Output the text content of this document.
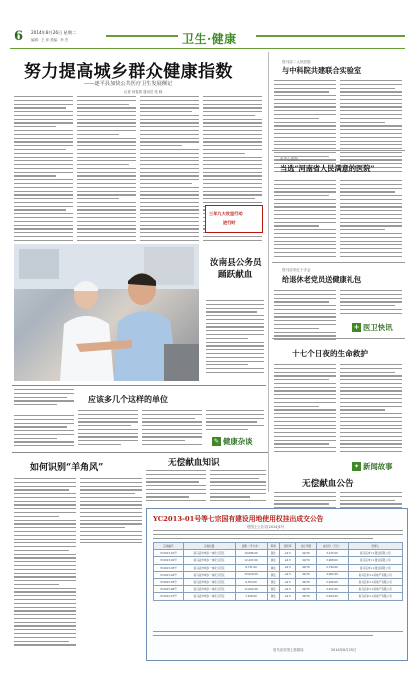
6 2014年8月26日 星期二
编辑：王 沛 美编：李 杰	卫生·健康
努力提高城乡群众健康指数
——逐平县加快公共医疗卫生发展侧记
记者 何春燕 通讯员 张 晓
三年九大攻坚行动
进行时
汝南县公务员
踊跃献血
驻马店二人民医院
与中科院共建联合实验室
市中心医院
当选“河南省人民满意的医院”
驻马店市红十字会
给退休老党员送健康礼包
+ 医卫快讯
十七个日夜的生命救护
✦ 新闻故事
应该多几个这样的单位
✎ 健康杂谈
如何识别“羊角风”	无偿献血知识
无偿献血公告
YC2013-01号等七宗国有建设用地使用权挂出成交公告
驻国土公告字[2014]1号
宗地编号	宗地位置	面积（平方米）	用途	容积率	出让年限	成交价（万元）	竞得人
YC2013-01号	驻马店市城乡一体化示范区	10,086.00	商住	≤2.5	40/70	3,215.00	驻马店市××置业有限公司
YC2013-02号	驻马店市城乡一体化示范区	12,447.00	商住	≤2.5	40/70	3,908.00	驻马店市××置业有限公司
YC2013-03号	驻马店市城乡一体化示范区	8,731.00	商住	≤2.5	40/70	2,740.00	驻马店市××置业有限公司
YC2013-04号	驻马店市城乡一体化示范区	15,620.00	商住	≤2.5	40/70	4,902.00	驻马店市××房地产有限公司
YC2013-05号	驻马店市城乡一体化示范区	9,354.00	商住	≤2.5	40/70	2,936.00	驻马店市××房地产有限公司
YC2013-06号	驻马店市城乡一体化示范区	11,002.00	商住	≤2.5	40/70	3,452.00	驻马店市××房地产有限公司
YC2013-07号	驻马店市城乡一体化示范区	7,918.00	商住	≤2.5	40/70	2,484.00	驻马店市××房地产有限公司
驻马店市国土资源局	2014年8月25日
